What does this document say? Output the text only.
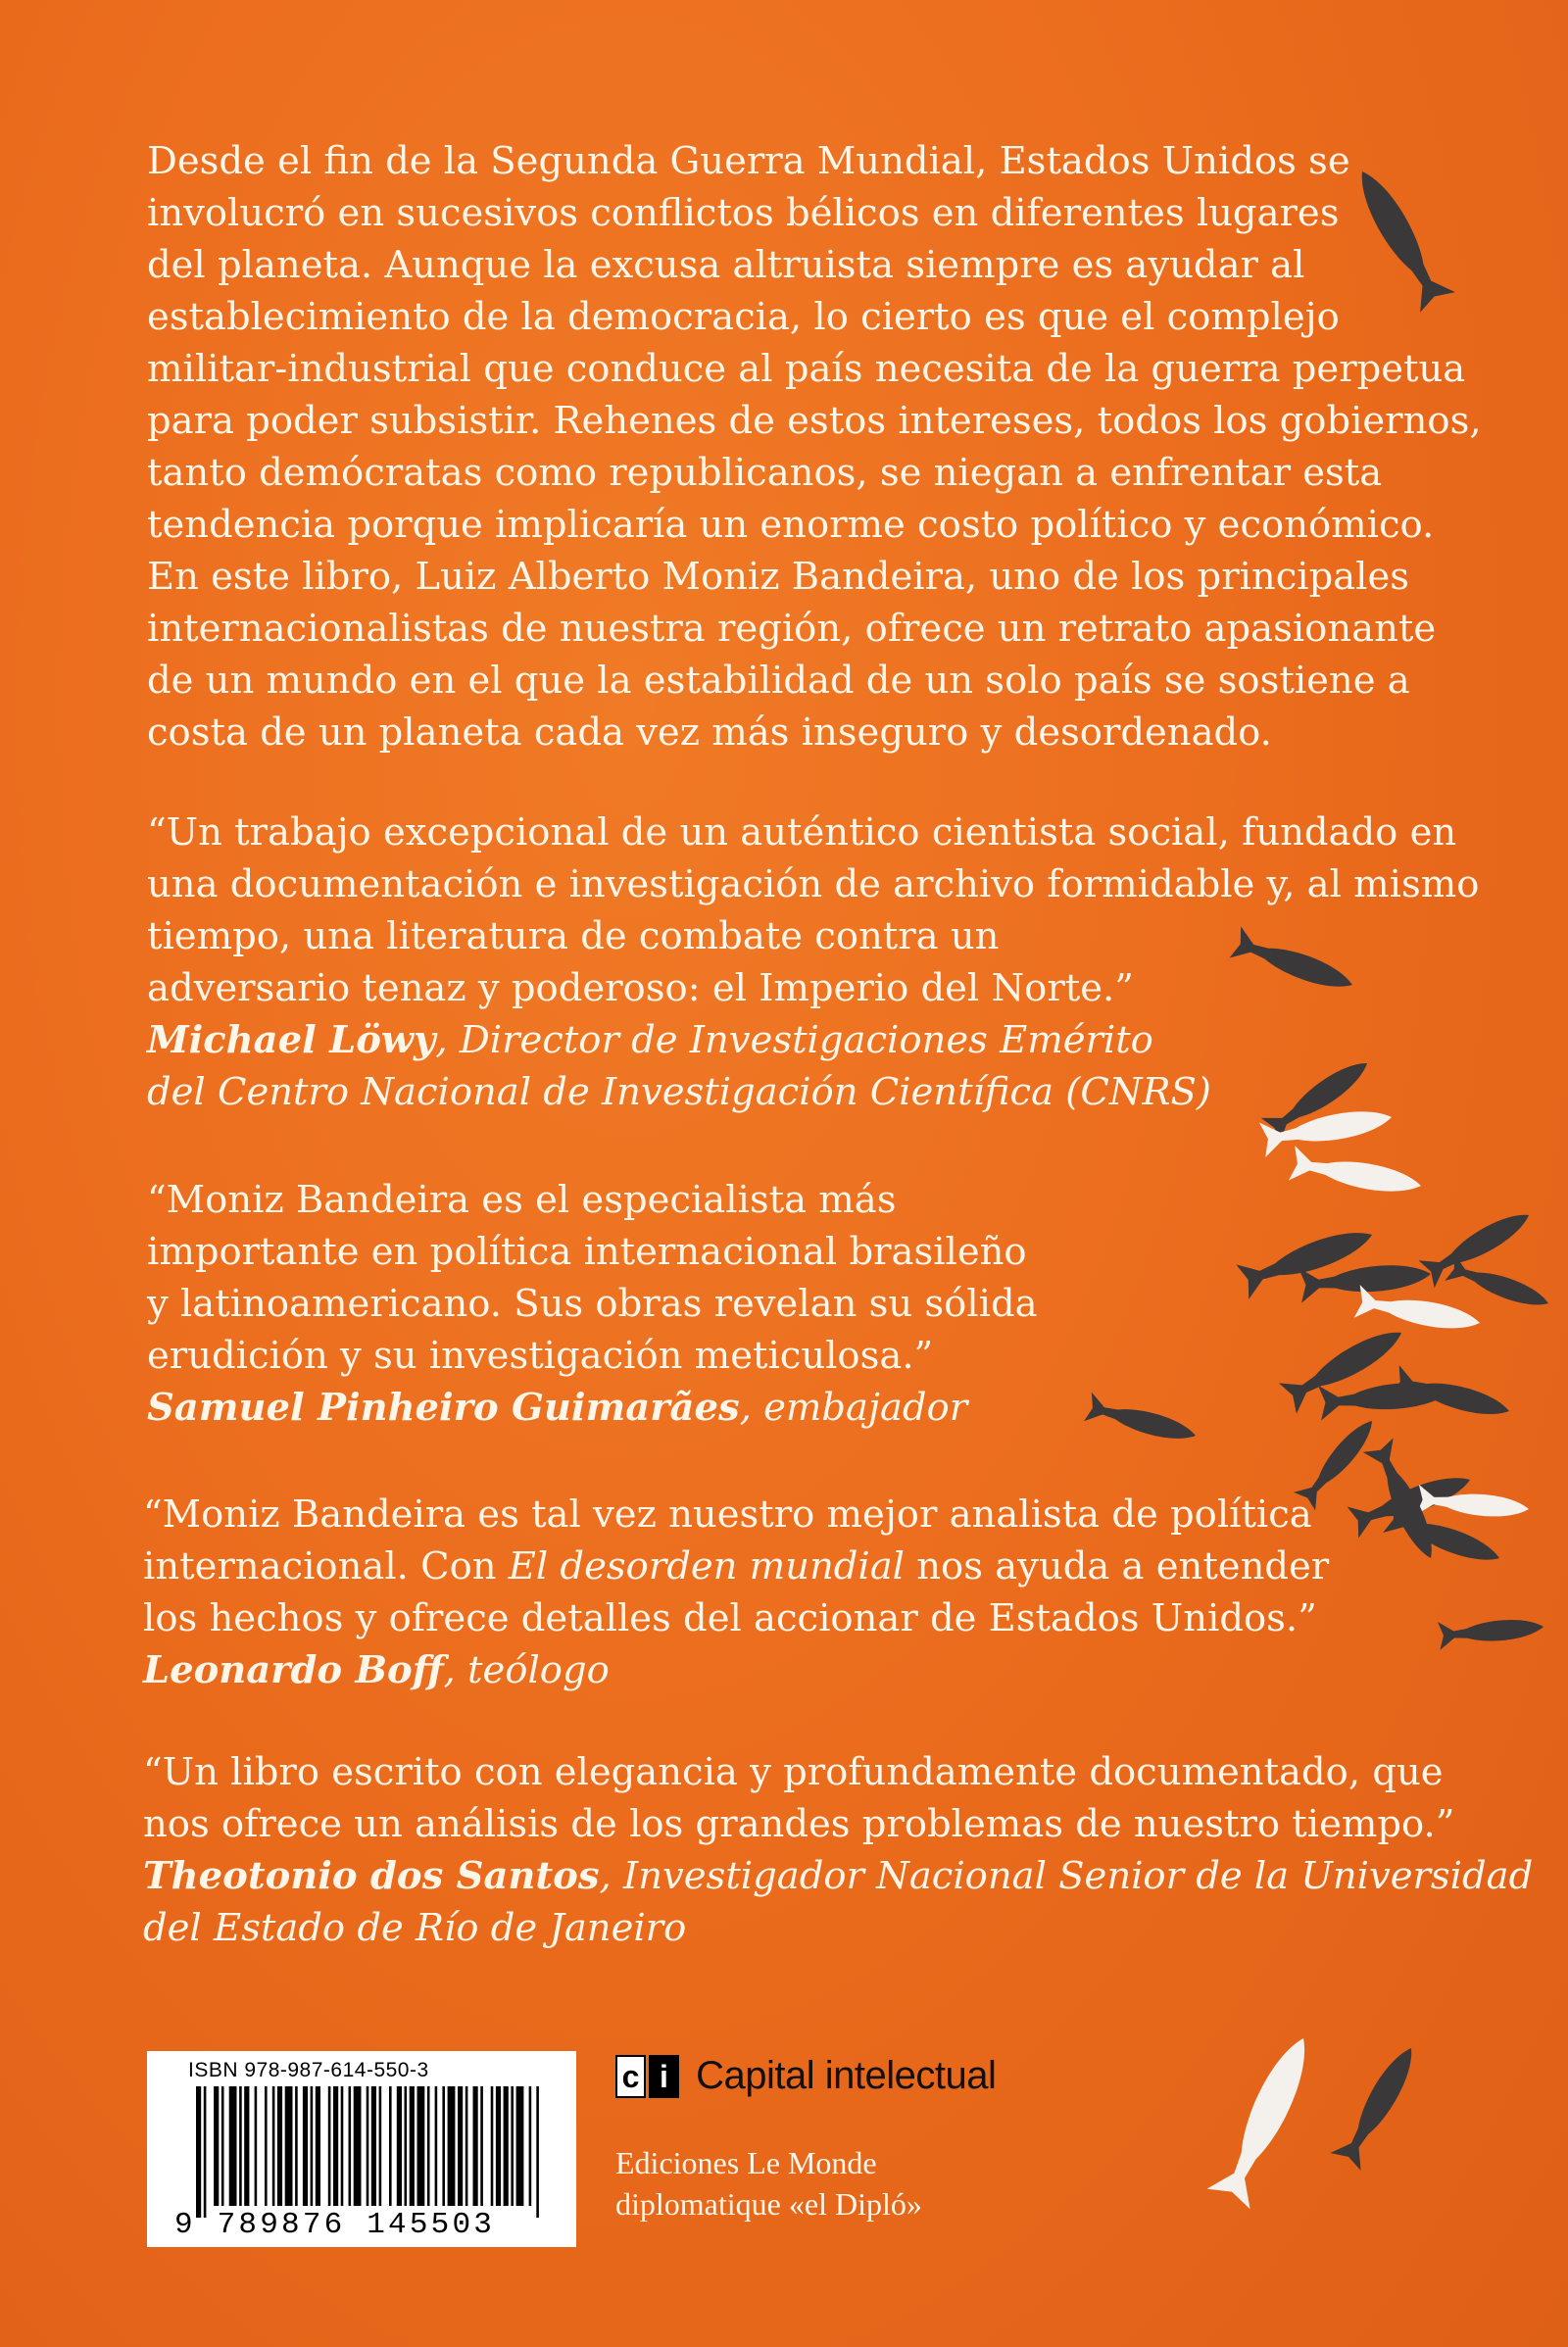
Desde el fin de la Segunda Guerra Mundial, Estados Unidos se
involucró en sucesivos conflictos bélicos en diferentes lugares
del planeta. Aunque la excusa altruista siempre es ayudar al
establecimiento de la democracia, lo cierto es que el complejo
militar-industrial que conduce al país necesita de la guerra perpetua
para poder subsistir. Rehenes de estos intereses, todos los gobiernos,
tanto demócratas como republicanos, se niegan a enfrentar esta
tendencia porque implicaría un enorme costo político y económico.
En este libro, Luiz Alberto Moniz Bandeira, uno de los principales
internacionalistas de nuestra región, ofrece un retrato apasionante
de un mundo en el que la estabilidad de un solo país se sostiene a
costa de un planeta cada vez más inseguro y desordenado.
“Un trabajo excepcional de un auténtico cientista social, fundado en
una documentación e investigación de archivo formidable y, al mismo
tiempo, una literatura de combate contra un
adversario tenaz y poderoso: el Imperio del Norte.”
Michael Löwy, Director de Investigaciones Emérito
del Centro Nacional de Investigación Científica (CNRS)
“Moniz Bandeira es el especialista más
importante en política internacional brasileño
y latinoamericano. Sus obras revelan su sólida
erudición y su investigación meticulosa.”
Samuel Pinheiro Guimarães, embajador
“Moniz Bandeira es tal vez nuestro mejor analista de política
internacional. Con El desorden mundial nos ayuda a entender
los hechos y ofrece detalles del accionar de Estados Unidos.”
Leonardo Boff, teólogo
“Un libro escrito con elegancia y profundamente documentado, que
nos ofrece un análisis de los grandes problemas de nuestro tiempo.”
Theotonio dos Santos, Investigador Nacional Senior de la Universidad
del Estado de Río de Janeiro
ISBN 978-987-614-550-3
9 789876 145503
c i Capital intelectual
Ediciones Le Monde
diplomatique «el Dipló»
